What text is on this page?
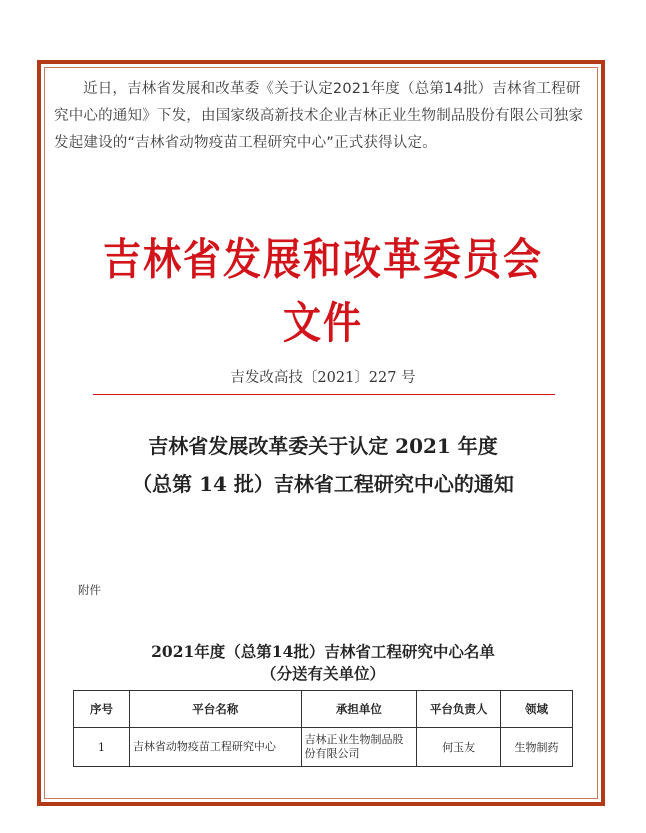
近日，吉林省发展和改革委《关于认定2021年度（总第14批）吉林省工程研究中心的通知》下发，由国家级高新技术企业吉林正业生物制品股份有限公司独家发起建设的“吉林省动物疫苗工程研究中心”正式获得认定。

吉林省发展和改革委员会文件
吉发改高技〔2021〕227 号
吉林省发展改革委关于认定 2021 年度
（总第 14 批）吉林省工程研究中心的通知
附件
2021年度（总第14批）吉林省工程研究中心名单
（分送有关单位）
序号	平台名称	承担单位	平台负责人	领域
1	吉林省动物疫苗工程研究中心	吉林正业生物制品股份有限公司	何玉友	生物制药
